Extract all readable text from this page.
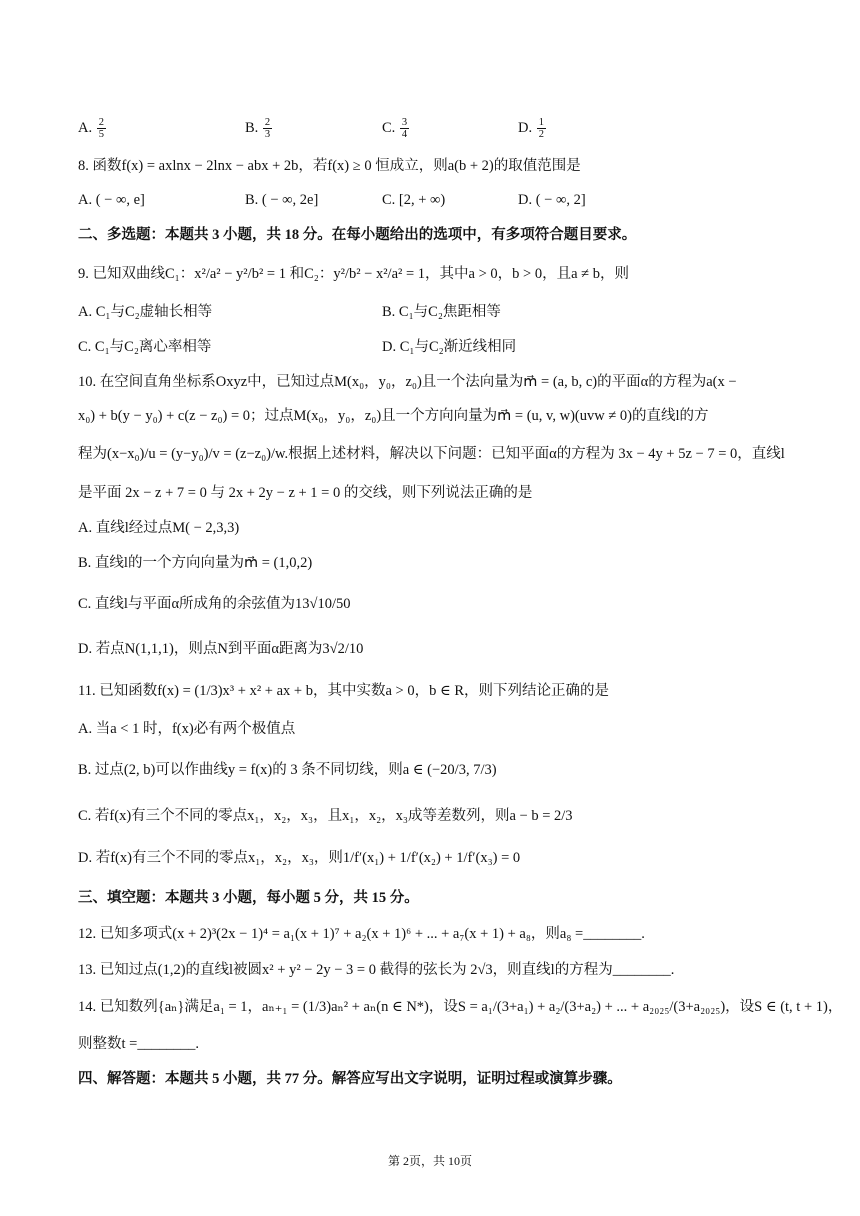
A. $\frac{2}{5}$	B. $\frac{2}{3}$	C. $\frac{3}{4}$	D. $\frac{1}{2}$
8. 函数f(x) = axlnx − 2lnx − abx + 2b，若f(x) ≥ 0 恒成立，则a(b + 2)的取值范围是
A. ( − ∞, e]	B. ( − ∞, 2e]	C. [2, + ∞)	D. ( − ∞, 2]
二、多选题：本题共 3 小题，共 18 分。在每小题给出的选项中，有多项符合题目要求。
9. 已知双曲线C₁：x²/a² − y²/b² = 1 和C₂：y²/b² − x²/a² = 1，其中a > 0，b > 0，且a ≠ b，则
A. C₁与C₂虚轴长相等	B. C₁与C₂焦距相等
C. C₁与C₂离心率相等	D. C₁与C₂渐近线相同
10. 在空间直角坐标系Oxyz中，已知过点M(x₀，y₀，z₀)且一个法向量为m⃗ = (a, b, c)的平面α的方程为a(x −
x₀) + b(y − y₀) + c(z − z₀) = 0；过点M(x₀，y₀，z₀)且一个方向向量为m⃗ = (u, v, w)(uvw ≠ 0)的直线l的方
程为(x−x₀)/u = (y−y₀)/v = (z−z₀)/w.根据上述材料，解决以下问题：已知平面α的方程为 3x − 4y + 5z − 7 = 0，直线l
是平面 2x − z + 7 = 0 与 2x + 2y − z + 1 = 0 的交线，则下列说法正确的是
A. 直线l经过点M( − 2,3,3)
B. 直线l的一个方向向量为m⃗ = (1,0,2)
C. 直线l与平面α所成角的余弦值为13√10/50
D. 若点N(1,1,1)，则点N到平面α距离为3√2/10
11. 已知函数f(x) = (1/3)x³ + x² + ax + b，其中实数a > 0，b ∈ R，则下列结论正确的是
A. 当a < 1 时，f(x)必有两个极值点
B. 过点(2, b)可以作曲线y = f(x)的 3 条不同切线，则a ∈ (−20/3, 7/3)
C. 若f(x)有三个不同的零点x₁，x₂，x₃，且x₁，x₂，x₃成等差数列，则a − b = 2/3
D. 若f(x)有三个不同的零点x₁，x₂，x₃，则1/f′(x₁) + 1/f′(x₂) + 1/f′(x₃) = 0
三、填空题：本题共 3 小题，每小题 5 分，共 15 分。
12. 已知多项式(x + 2)³(2x − 1)⁴ = a₁(x + 1)⁷ + a₂(x + 1)⁶ + ... + a₇(x + 1) + a₈，则a₈ =________.
13. 已知过点(1,2)的直线l被圆x² + y² − 2y − 3 = 0 截得的弦长为 2√3，则直线l的方程为________.
14. 已知数列{aₙ}满足a₁ = 1，aₙ₊₁ = (1/3)aₙ² + aₙ(n ∈ N*)，设S = a₁/(3+a₁) + a₂/(3+a₂) + ... + a₂₀₂₅/(3+a₂₀₂₅)，设S ∈ (t, t + 1)，
则整数t =________.
四、解答题：本题共 5 小题，共 77 分。解答应写出文字说明，证明过程或演算步骤。
第 2页，共 10页
